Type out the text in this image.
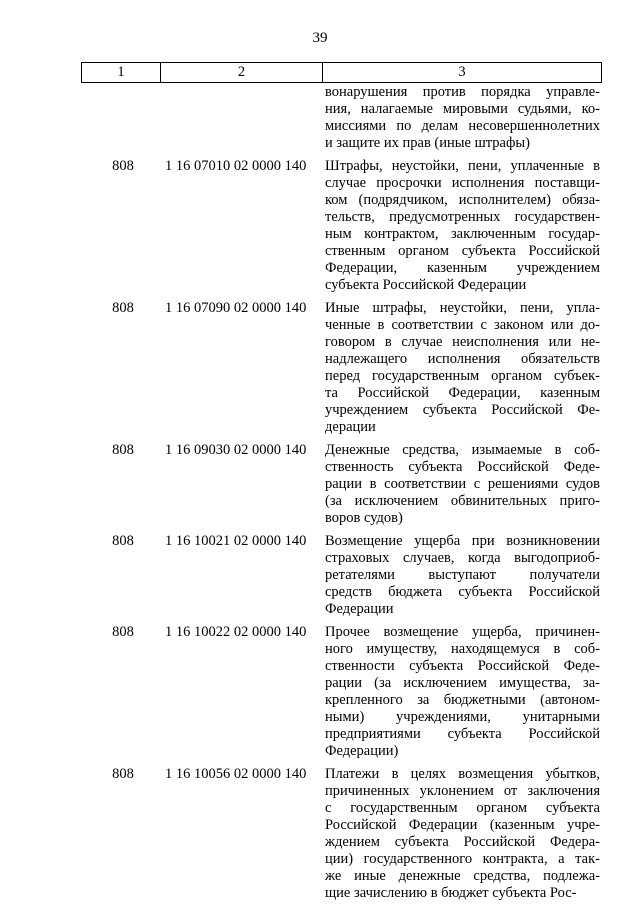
39
1	2	3
вонарушения против порядка управле-
ния, налагаемые мировыми судьями, ко-
миссиями по делам несовершеннолетних
и защите их прав (иные штрафы)
808	1 16 07010 02 0000 140	Штрафы, неустойки, пени, уплаченные в
случае просрочки исполнения поставщи-
ком (подрядчиком, исполнителем) обяза-
тельств, предусмотренных государствен-
ным контрактом, заключенным государ-
ственным органом субъекта Российской
Федерации, казенным учреждением
субъекта Российской Федерации
808	1 16 07090 02 0000 140	Иные штрафы, неустойки, пени, упла-
ченные в соответствии с законом или до-
говором в случае неисполнения или не-
надлежащего исполнения обязательств
перед государственным органом субъек-
та Российской Федерации, казенным
учреждением субъекта Российской Фе-
дерации
808	1 16 09030 02 0000 140	Денежные средства, изымаемые в соб-
ственность субъекта Российской Феде-
рации в соответствии с решениями судов
(за исключением обвинительных приго-
воров судов)
808	1 16 10021 02 0000 140	Возмещение ущерба при возникновении
страховых случаев, когда выгодоприоб-
ретателями выступают получатели
средств бюджета субъекта Российской
Федерации
808	1 16 10022 02 0000 140	Прочее возмещение ущерба, причинен-
ного имуществу, находящемуся в соб-
ственности субъекта Российской Феде-
рации (за исключением имущества, за-
крепленного за бюджетными (автоном-
ными) учреждениями, унитарными
предприятиями субъекта Российской
Федерации)
808	1 16 10056 02 0000 140	Платежи в целях возмещения убытков,
причиненных уклонением от заключения
с государственным органом субъекта
Российской Федерации (казенным учре-
ждением субъекта Российской Федера-
ции) государственного контракта, а так-
же иные денежные средства, подлежа-
щие зачислению в бюджет субъекта Рос-
